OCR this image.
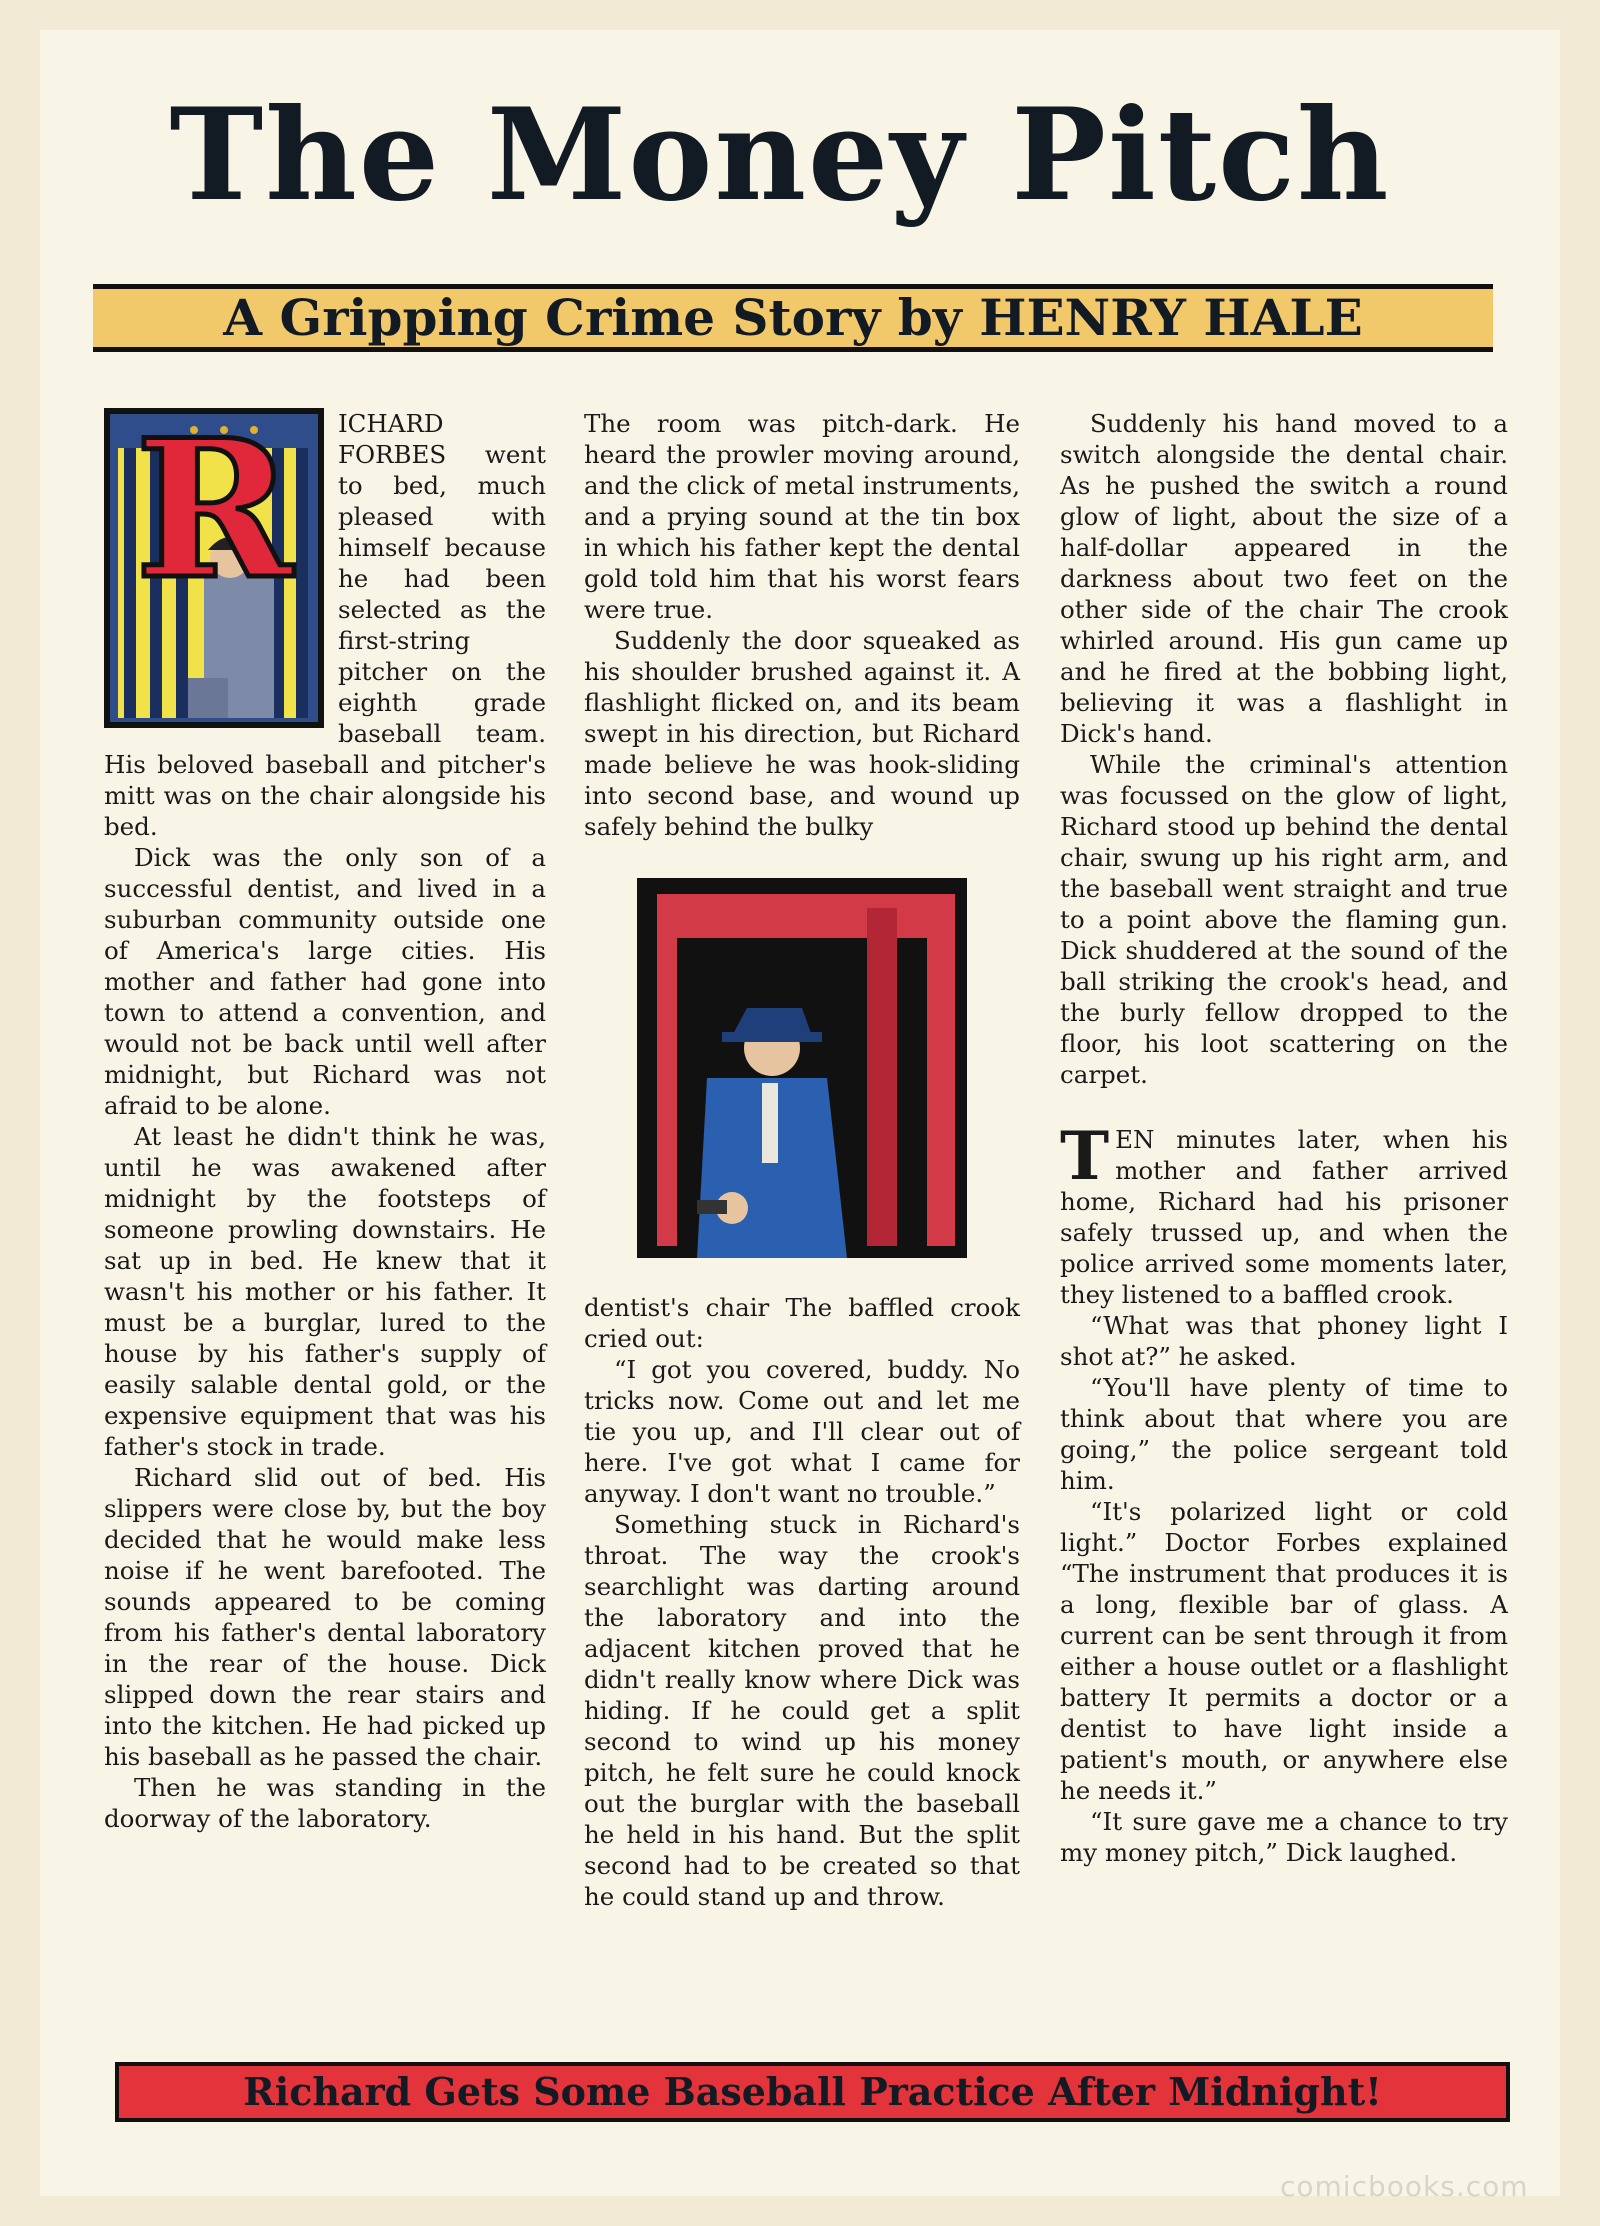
The Money Pitch
A Gripping Crime Story by HENRY HALE
R	ICHARD FORBES went to bed, much pleased with himself because he had been selected as the first-string pitcher on the eighth grade baseball team. His beloved baseball and pitcher's mitt was on the chair alongside his bed.

Dick was the only son of a successful dentist, and lived in a suburban community outside one of America's large cities. His mother and father had gone into town to attend a convention, and would not be back until well after midnight, but Richard was not afraid to be alone.

At least he didn't think he was, until he was awakened after midnight by the footsteps of someone prowling downstairs. He sat up in bed. He knew that it wasn't his mother or his father. It must be a burglar, lured to the house by his father's supply of easily salable dental gold, or the expensive equipment that was his father's stock in trade.

Richard slid out of bed. His slippers were close by, but the boy decided that he would make less noise if he went barefooted. The sounds appeared to be coming from his father's dental laboratory in the rear of the house. Dick slipped down the rear stairs and into the kitchen. He had picked up his baseball as he passed the chair.

Then he was standing in the doorway of the laboratory.

The room was pitch-dark. He heard the prowler moving around, and the click of metal instruments, and a prying sound at the tin box in which his father kept the dental gold told him that his worst fears were true.

Suddenly the door squeaked as his shoulder brushed against it. A flashlight flicked on, and its beam swept in his direction, but Richard made believe he was hook-sliding into second base, and wound up safely behind the bulky

dentist's chair The baffled crook cried out:

“I got you covered, buddy. No tricks now. Come out and let me tie you up, and I'll clear out of here. I've got what I came for anyway. I don't want no trouble.”

Something stuck in Richard's throat. The way the crook's searchlight was darting around the laboratory and into the adjacent kitchen proved that he didn't really know where Dick was hiding. If he could get a split second to wind up his money pitch, he felt sure he could knock out the burglar with the baseball he held in his hand. But the split second had to be created so that he could stand up and throw.

Suddenly his hand moved to a switch alongside the dental chair. As he pushed the switch a round glow of light, about the size of a half-dollar appeared in the darkness about two feet on the other side of the chair The crook whirled around. His gun came up and he fired at the bobbing light, believing it was a flashlight in Dick's hand.

While the criminal's attention was focussed on the glow of light, Richard stood up behind the dental chair, swung up his right arm, and the baseball went straight and true to a point above the flaming gun. Dick shuddered at the sound of the ball striking the crook's head, and the burly fellow dropped to the floor, his loot scattering on the carpet.

TEN minutes later, when his mother and father arrived home, Richard had his prisoner safely trussed up, and when the police arrived some moments later, they listened to a baffled crook.

“What was that phoney light I shot at?” he asked.

“You'll have plenty of time to think about that where you are going,” the police sergeant told him.

“It's polarized light or cold light.” Doctor Forbes explained “The instrument that produces it is a long, flexible bar of glass. A current can be sent through it from either a house outlet or a flashlight battery It permits a doctor or a dentist to have light inside a patient's mouth, or anywhere else he needs it.”

“It sure gave me a chance to try my money pitch,” Dick laughed.

Richard Gets Some Baseball Practice After Midnight!
comicbooks.com
